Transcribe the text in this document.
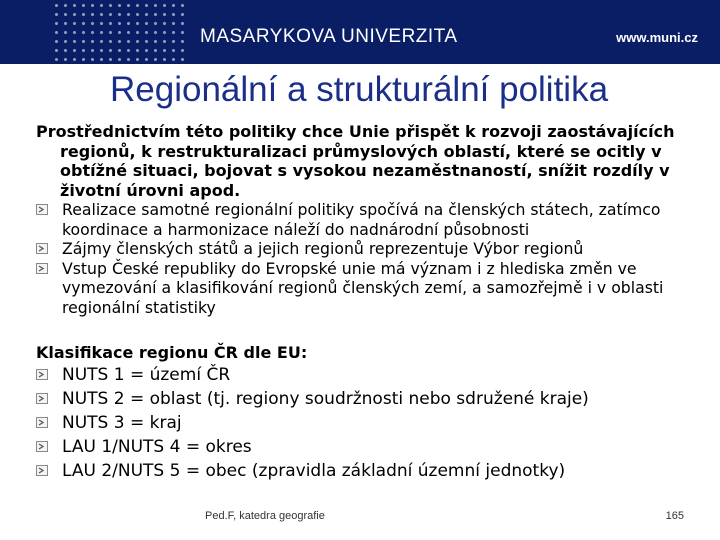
MASARYKOVA UNIVERZITA	www.muni.cz
Regionální a strukturální politika

Prostřednictvím této politiky chce Unie přispět k rozvoji zaostávajících regionů, k restrukturalizaci průmyslových oblastí, které se ocitly v obtížné situaci, bojovat s vysokou nezaměstnaností, snížit rozdíly v životní úrovni apod.

Realizace samotné regionální politiky spočívá na členských státech, zatímco koordinace a harmonizace náleží do nadnárodní působnosti

Zájmy členských států a jejich regionů reprezentuje Výbor regionů

Vstup České republiky do Evropské unie má význam i z hlediska změn ve vymezování a klasifikování regionů členských zemí, a samozřejmě i v oblasti regionální statistiky

Klasifikace regionu ČR dle EU:

NUTS 1 = území ČR

NUTS 2 = oblast (tj. regiony soudržnosti nebo sdružené kraje)

NUTS 3 = kraj

LAU 1/NUTS 4 = okres

LAU 2/NUTS 5 = obec (zpravidla základní územní jednotky)

Ped.F, katedra geografie	165
